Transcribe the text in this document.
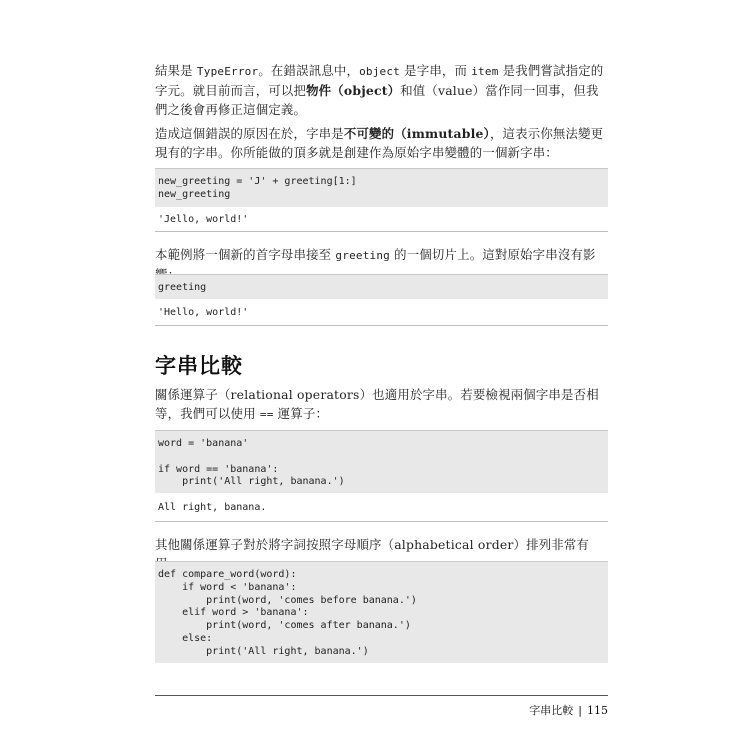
結果是 TypeError。在錯誤訊息中，object 是字串，而 item 是我們嘗試指定的字元。就目前而言，可以把物件（object）和值（value）當作同一回事，但我們之後會再修正這個定義。

造成這個錯誤的原因在於，字串是不可變的（immutable），這表示你無法變更現有的字串。你所能做的頂多就是創建作為原始字串變體的一個新字串：

new_greeting = 'J' + greeting[1:]
new_greeting
'Jello, world!'

本範例將一個新的首字母串接至 greeting 的一個切片上。這對原始字串沒有影

greeting
'Hello, world!'
字串比較

關係運算子（relational operators）也適用於字串。若要檢視兩個字串是否相等，我們可以使用 == 運算子：

word = 'banana'
if word == 'banana':
print('All right, banana.')
All right, banana.

其他關係運算子對於將字詞按照字母順序（alphabetical order）排列非常有

def compare_word(word):
if word < 'banana':
print(word, 'comes before banana.')
elif word > 'banana':
print(word, 'comes after banana.')
else:
print('All right, banana.')
字串比較 | 115
